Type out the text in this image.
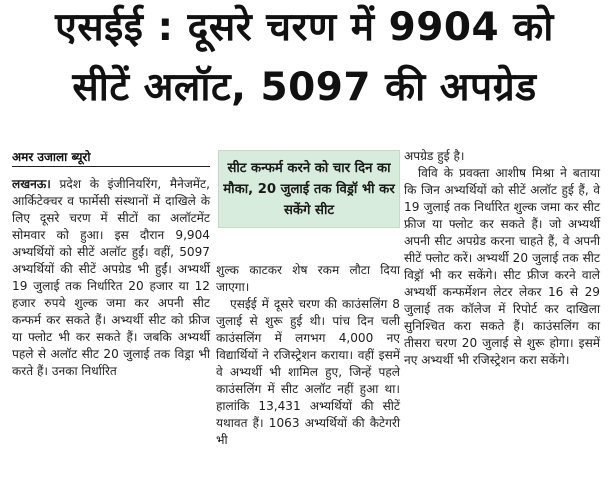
एसईई : दूसरे चरण में 9904 को
सीटें अलॉट, 5097 की अपग्रेड
अमर उजाला ब्यूरो

लखनऊ। प्रदेश के इंजीनियरिंग, मैनेजमेंट, आर्किटेक्चर व फार्मेसी संस्थानों में दाखिले के लिए दूसरे चरण में सीटों का अलॉटमेंट सोमवार को हुआ। इस दौरान 9,904 अभ्यर्थियों को सीटें अलॉट हुईं। वहीं, 5097 अभ्यर्थियों की सीटें अपग्रेड भी हुईं। अभ्यर्थी 19 जुलाई तक निर्धारित 20 हजार या 12 हजार रुपये शुल्क जमा कर अपनी सीट कन्फर्म कर सकते हैं। अभ्यर्थी सीट को फ्रीज या फ्लोट भी कर सकते हैं। जबकि अभ्यर्थी पहले से अलॉट सीट 20 जुलाई तक विड्रा भी करते हैं। उनका निर्धारित

सीट कन्फर्म करने को चार दिन का मौका, 20 जुलाई तक विड्रॉ भी कर सकेंगे सीट

शुल्क काटकर शेष रकम लौटा दिया जाएगा।

एसईई में दूसरे चरण की काउंसलिंग 8 जुलाई से शुरू हुई थी। पांच दिन चली काउंसलिंग में लगभग 4,000 नए विद्यार्थियों ने रजिस्ट्रेशन कराया। वहीं इसमें वे अभ्यर्थी भी शामिल हुए, जिन्हें पहले काउंसलिंग में सीट अलॉट नहीं हुआ था। हालांकि 13,431 अभ्यर्थियों की सीटें यथावत हैं। 1063 अभ्यर्थियों की कैटेगरी भी

अपग्रेड हुई है।

विवि के प्रवक्ता आशीष मिश्रा ने बताया कि जिन अभ्यर्थियों को सीटें अलॉट हुई हैं, वे 19 जुलाई तक निर्धारित शुल्क जमा कर सीट फ्रीज या फ्लोट कर सकते हैं। जो अभ्यर्थी अपनी सीट अपग्रेड करना चाहते हैं, वे अपनी सीटें फ्लोट करें। अभ्यर्थी 20 जुलाई तक सीट विड्रॉ भी कर सकेंगे। सीट फ्रीज करने वाले अभ्यर्थी कन्फर्मेशन लेटर लेकर 16 से 29 जुलाई तक कॉलेज में रिपोर्ट कर दाखिला सुनिश्चित करा सकते हैं। काउंसलिंग का तीसरा चरण 20 जुलाई से शुरू होगा। इसमें नए अभ्यर्थी भी रजिस्ट्रेशन करा सकेंगे।
